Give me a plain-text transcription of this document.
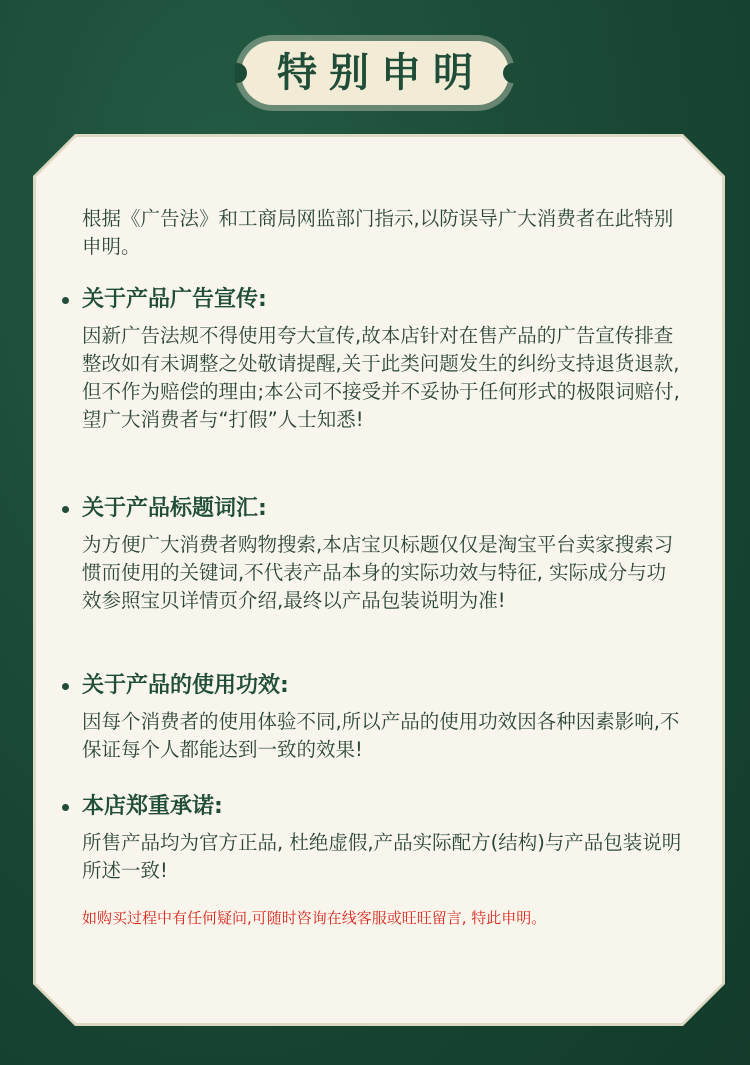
特别申明

根据《广告法》和工商局网监部门指示,以防误导广大消费者在此特别申明。

关于产品广告宣传:

因新广告法规不得使用夸大宣传,故本店针对在售产品的广告宣传排查整改如有未调整之处敬请提醒,关于此类问题发生的纠纷支持退货退款,但不作为赔偿的理由;本公司不接受并不妥协于任何形式的极限词赔付,望广大消费者与“打假”人士知悉!

关于产品标题词汇:

为方便广大消费者购物搜索,本店宝贝标题仅仅是淘宝平台卖家搜索习惯而使用的关键词,不代表产品本身的实际功效与特征, 实际成分与功效参照宝贝详情页介绍,最终以产品包装说明为准!

关于产品的使用功效:

因每个消费者的使用体验不同,所以产品的使用功效因各种因素影响,不保证每个人都能达到一致的效果!

本店郑重承诺:

所售产品均为官方正品, 杜绝虚假,产品实际配方(结构)与产品包装说明所述一致!

如购买过程中有任何疑问,可随时咨询在线客服或旺旺留言, 特此申明。
